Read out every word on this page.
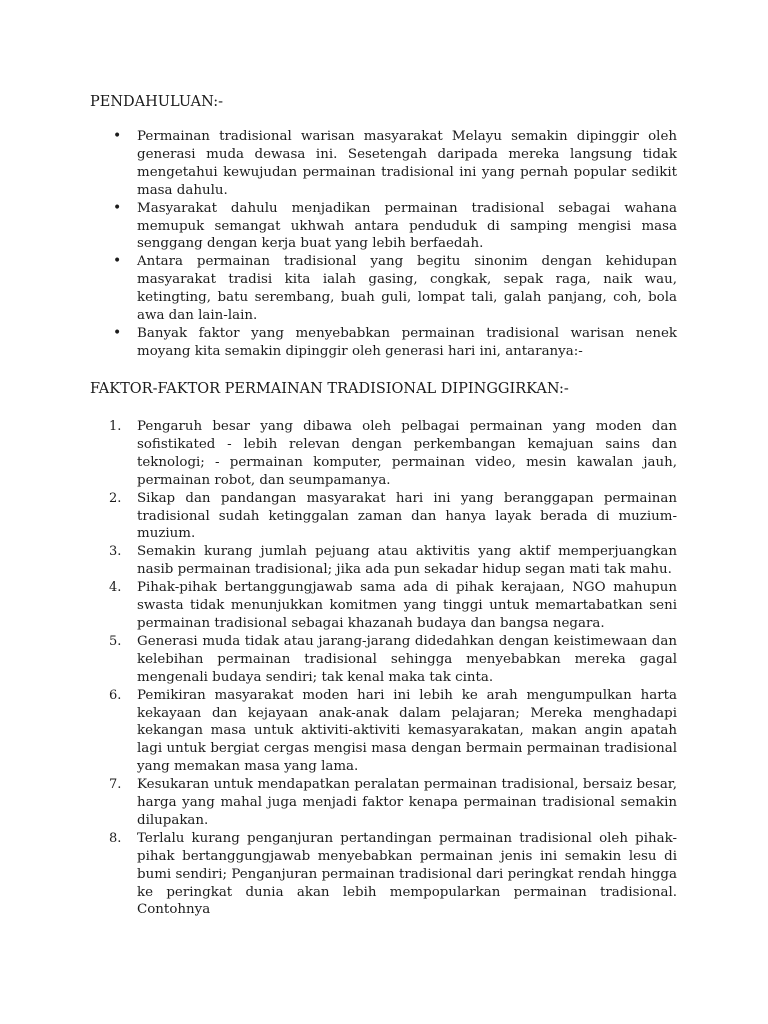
PENDAHULUAN:-
• Permainan tradisional warisan masyarakat Melayu semakin dipinggir oleh generasi muda dewasa ini. Sesetengah daripada mereka langsung tidak mengetahui kewujudan permainan tradisional ini yang pernah popular sedikit masa dahulu.
• Masyarakat dahulu menjadikan permainan tradisional sebagai wahana memupuk semangat ukhwah antara penduduk di samping mengisi masa senggang dengan kerja buat yang lebih berfaedah.
• Antara permainan tradisional yang begitu sinonim dengan kehidupan masyarakat tradisi kita ialah gasing, congkak, sepak raga, naik wau, ketingting, batu serembang, buah guli, lompat tali, galah panjang, coh, bola awa dan lain-lain.
• Banyak faktor yang menyebabkan permainan tradisional warisan nenek moyang kita semakin dipinggir oleh generasi hari ini, antaranya:-
FAKTOR-FAKTOR PERMAINAN TRADISIONAL DIPINGGIRKAN:-
1.	Pengaruh besar yang dibawa oleh pelbagai permainan yang moden dan sofistikated - lebih relevan dengan perkembangan kemajuan sains dan teknologi; - permainan komputer, permainan video, mesin kawalan jauh, permainan robot, dan seumpamanya.
2.	Sikap dan pandangan masyarakat hari ini yang beranggapan permainan tradisional sudah ketinggalan zaman dan hanya layak berada di muzium-muzium.
3.	Semakin kurang jumlah pejuang atau aktivitis yang aktif memperjuangkan nasib permainan tradisional; jika ada pun sekadar hidup segan mati tak mahu.
4.	Pihak-pihak bertanggungjawab sama ada di pihak kerajaan, NGO mahupun swasta tidak menunjukkan komitmen yang tinggi untuk memartabatkan seni permainan tradisional sebagai khazanah budaya dan bangsa negara.
5.	Generasi muda tidak atau jarang-jarang didedahkan dengan keistimewaan dan kelebihan permainan tradisional sehingga menyebabkan mereka gagal mengenali budaya sendiri; tak kenal maka tak cinta.
6.	Pemikiran masyarakat moden hari ini lebih ke arah mengumpulkan harta kekayaan dan kejayaan anak-anak dalam pelajaran; Mereka menghadapi kekangan masa untuk aktiviti-aktiviti kemasyarakatan, makan angin apatah lagi untuk bergiat cergas mengisi masa dengan bermain permainan tradisional yang memakan masa yang lama.
7.	Kesukaran untuk mendapatkan peralatan permainan tradisional, bersaiz besar, harga yang mahal juga menjadi faktor kenapa permainan tradisional semakin dilupakan.
8.	Terlalu kurang penganjuran pertandingan permainan tradisional oleh pihak-pihak bertanggungjawab menyebabkan permainan jenis ini semakin lesu di bumi sendiri; Penganjuran permainan tradisional dari peringkat rendah hingga ke peringkat dunia akan lebih mempopularkan permainan tradisional. Contohnya
